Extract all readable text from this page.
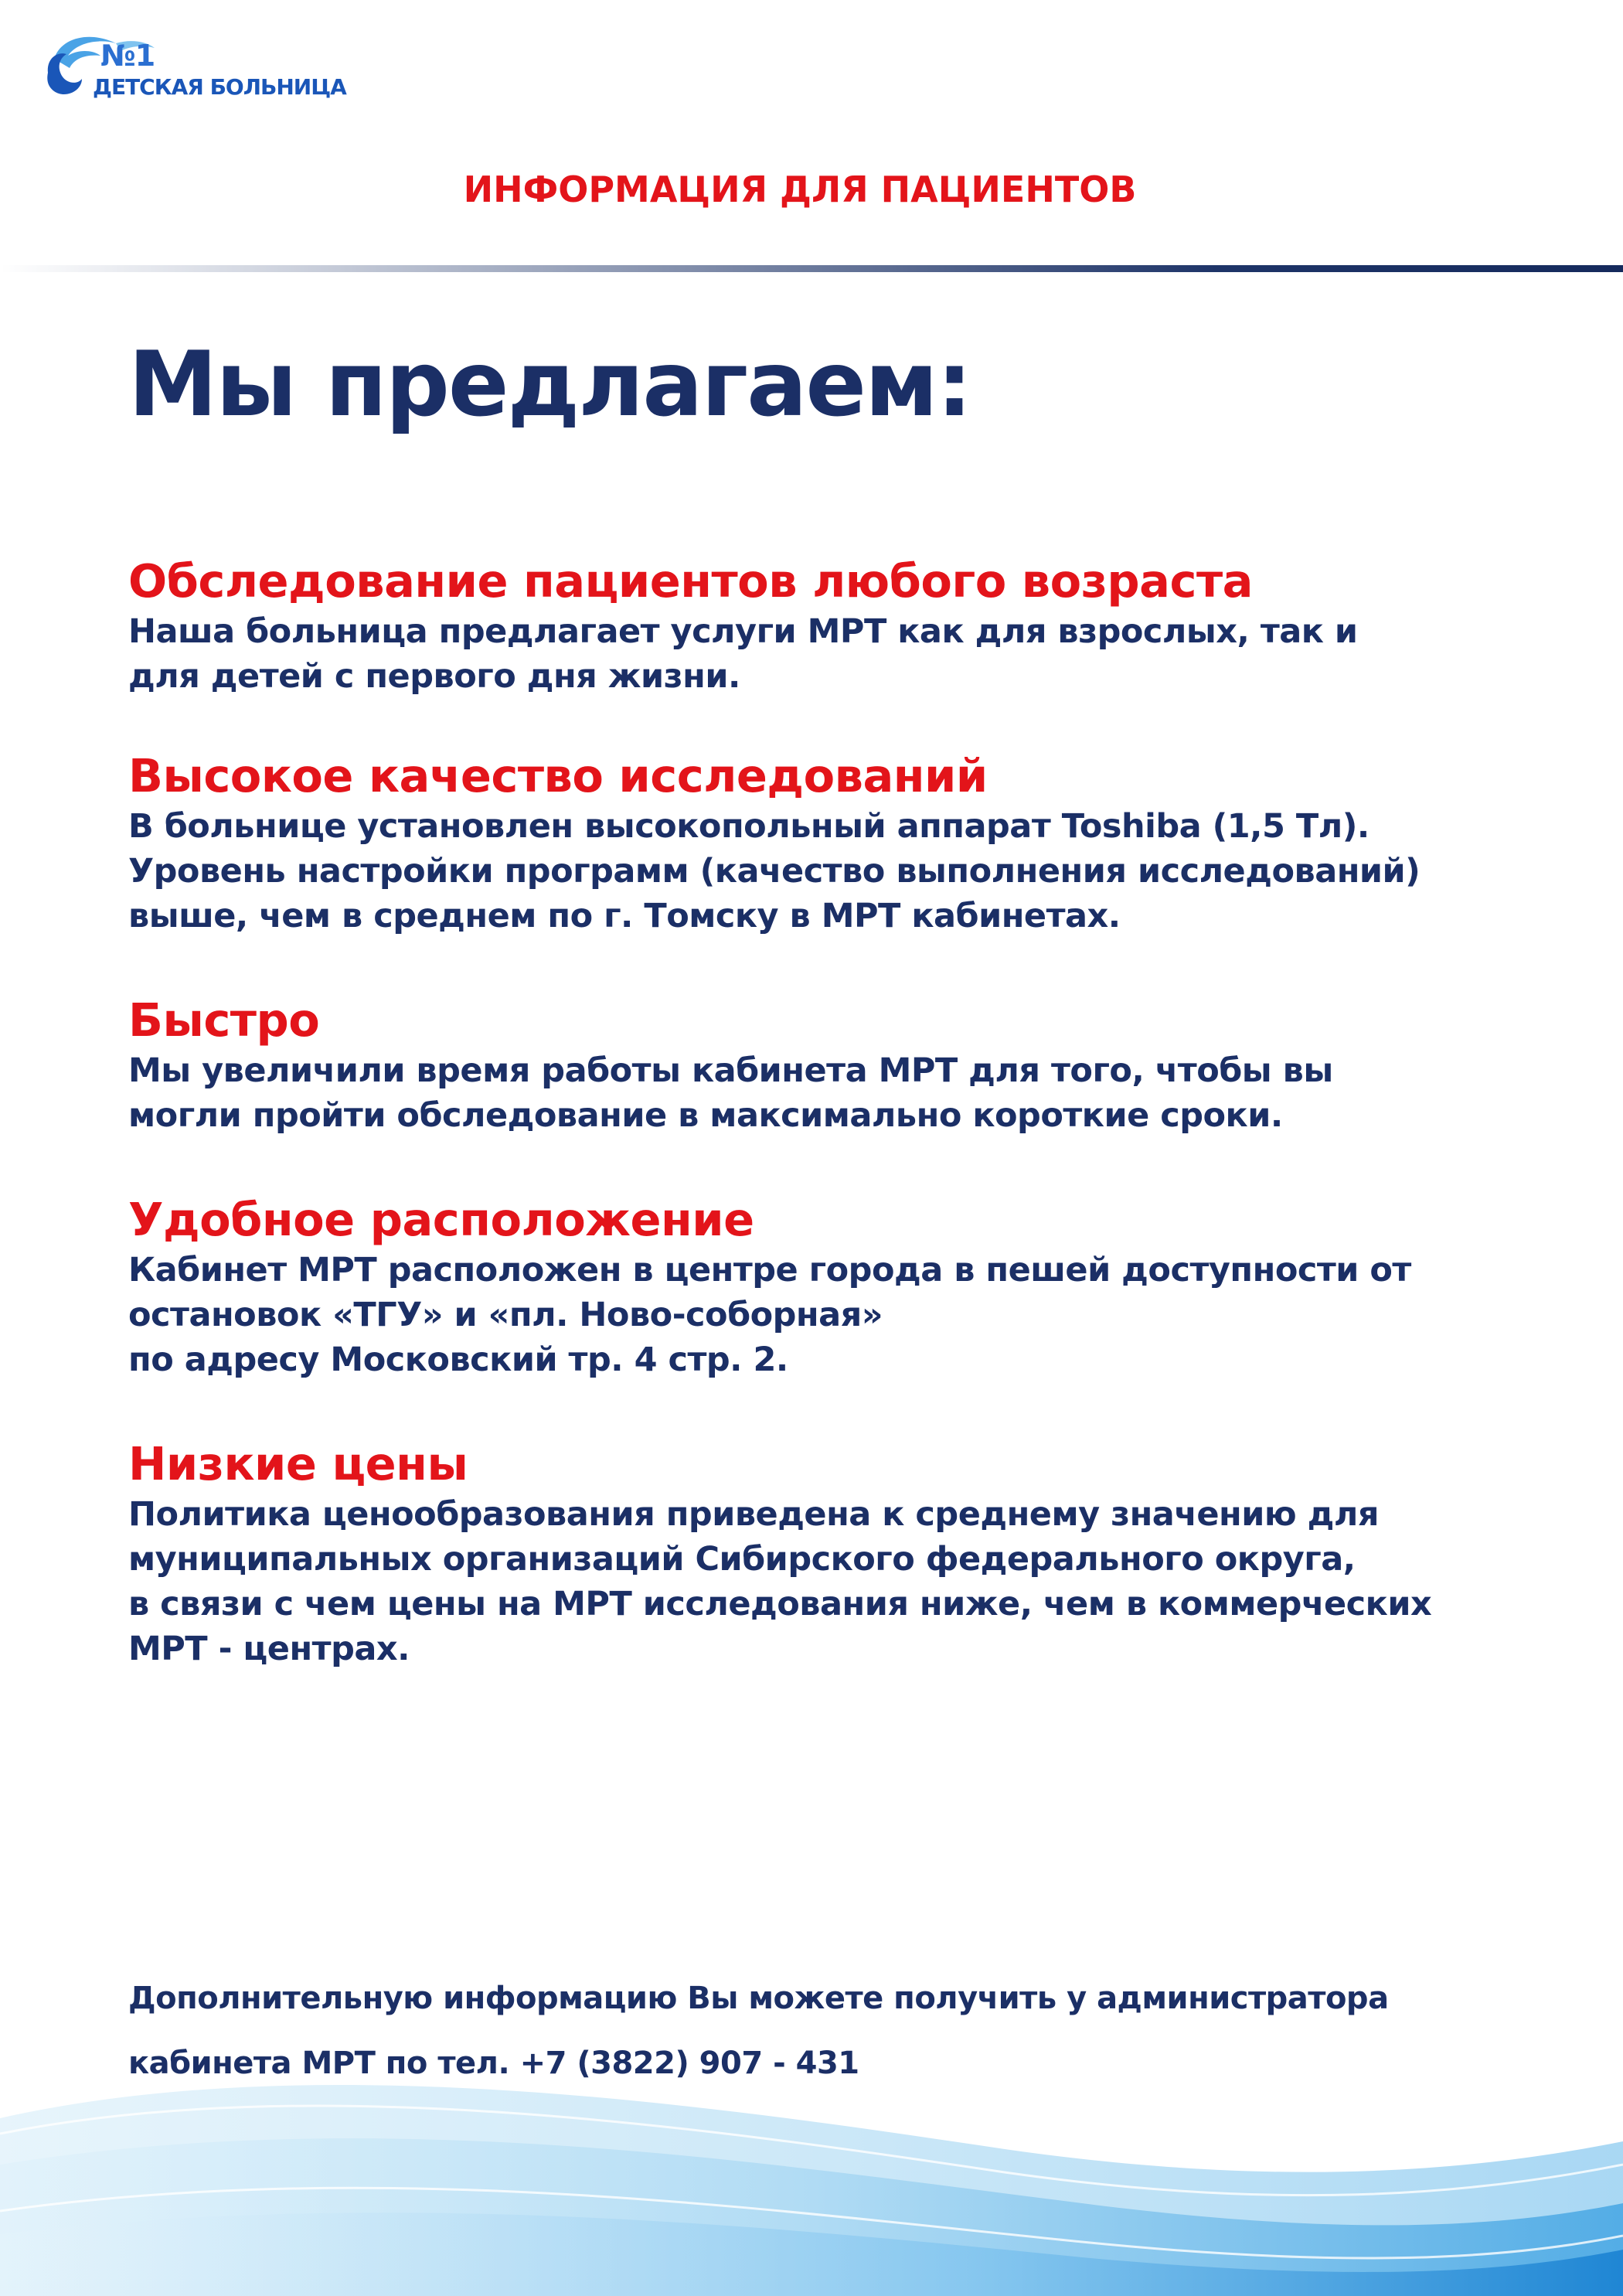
№1
ДЕТСКАЯ БОЛЬНИЦА
ИНФОРМАЦИЯ ДЛЯ ПАЦИЕНТОВ
Мы предлагаем:
Обследование пациентов любого возраста
Наша больница предлагает услуги МРТ как для взрослых, так и
для детей с первого дня жизни.
Высокое качество исследований
В больнице установлен высокопольный аппарат Toshiba (1,5 Тл).
Уровень настройки программ (качество выполнения исследований)
выше, чем в среднем по г. Томску в МРТ кабинетах.
Быстро
Мы увеличили время работы кабинета МРТ для того, чтобы вы
могли пройти обследование в максимально короткие сроки.
Удобное расположение
Кабинет МРТ расположен в центре города в пешей доступности от
остановок «ТГУ» и «пл. Ново-соборная»
по адресу Московский тр. 4 стр. 2.
Низкие цены
Политика ценообразования приведена к среднему значению для
муниципальных организаций Сибирского федерального округа,
в связи с чем цены на МРТ исследования ниже, чем в коммерческих
МРТ - центрах.
Дополнительную информацию Вы можете получить у администратора
кабинета МРТ по тел. +7 (3822) 907 - 431
